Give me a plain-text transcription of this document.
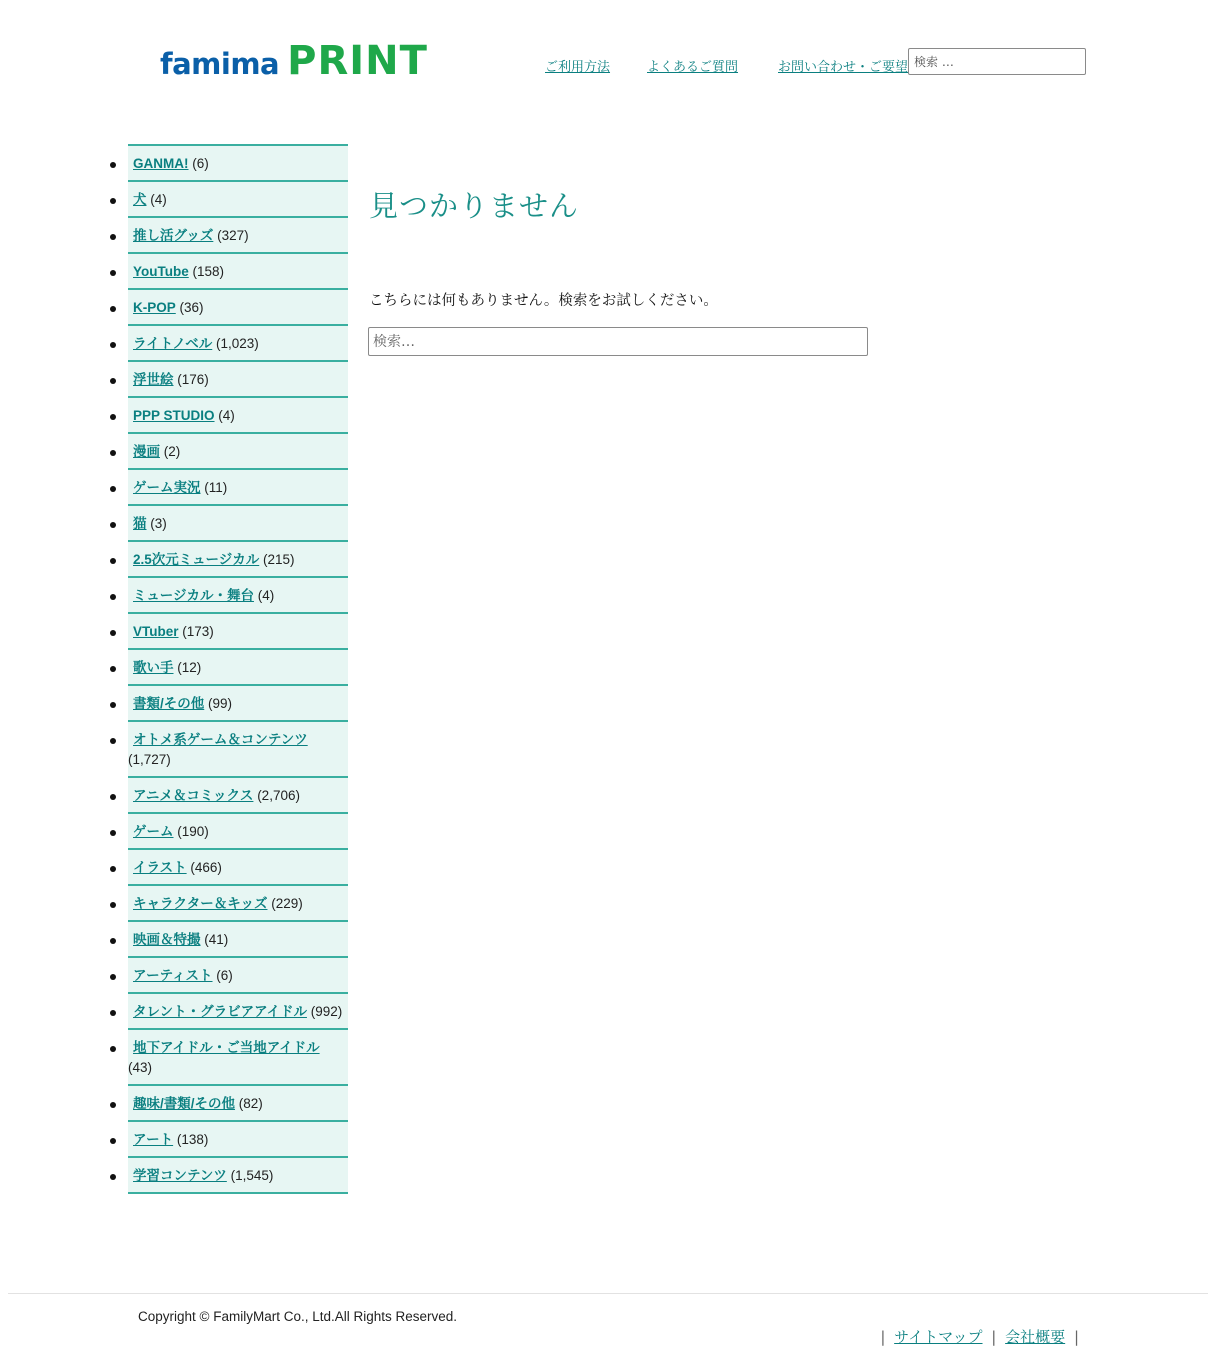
famima PRINT	ご利用方法	よくあるご質問	お問い合わせ・ご要望
検索 …
GANMA! (6)
犬 (4)
推し活グッズ (327)
YouTube (158)
K-POP (36)
ライトノベル (1,023)
浮世絵 (176)
PPP STUDIO (4)
漫画 (2)
ゲーム実況 (11)
猫 (3)
2.5次元ミュージカル (215)
ミュージカル・舞台 (4)
VTuber (173)
歌い手 (12)
書類/その他 (99)
オトメ系ゲーム＆コンテンツ
(1,727)
アニメ＆コミックス (2,706)
ゲーム (190)
イラスト (466)
キャラクター＆キッズ (229)
映画＆特撮 (41)
アーティスト (6)
タレント・グラビアアイドル (992)
地下アイドル・ご当地アイドル
(43)
趣味/書類/その他 (82)
アート (138)
学習コンテンツ (1,545)
見つかりません

こちらには何もありません。検索をお試しください。

検索…
Copyright © FamilyMart Co., Ltd.All Rights Reserved.
| サイトマップ | 会社概要 |
